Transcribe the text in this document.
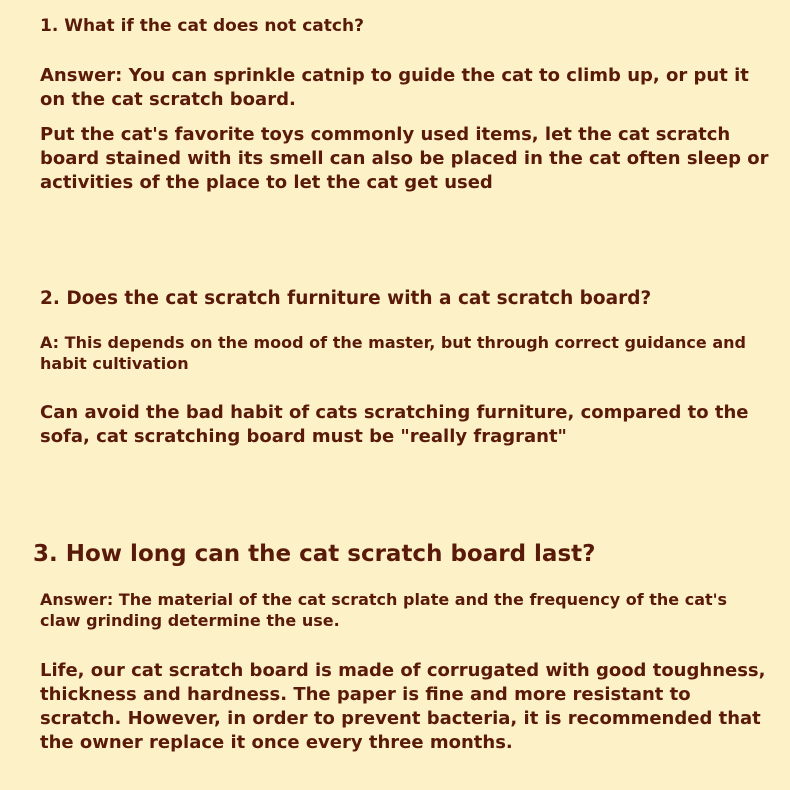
1. What if the cat does not catch?

Answer: You can sprinkle catnip to guide the cat to climb up, or put it on the cat scratch board.

Put the cat's favorite toys commonly used items, let the cat scratch board stained with its smell can also be placed in the cat often sleep or activities of the place to let the cat get used

2. Does the cat scratch furniture with a cat scratch board?

A: This depends on the mood of the master, but through correct guidance and habit cultivation

Can avoid the bad habit of cats scratching furniture, compared to the sofa, cat scratching board must be "really fragrant"

3. How long can the cat scratch board last?

Answer: The material of the cat scratch plate and the frequency of the cat's claw grinding determine the use.

Life, our cat scratch board is made of corrugated with good toughness, thickness and hardness. The paper is fine and more resistant to scratch. However, in order to prevent bacteria, it is recommended that the owner replace it once every three months.
